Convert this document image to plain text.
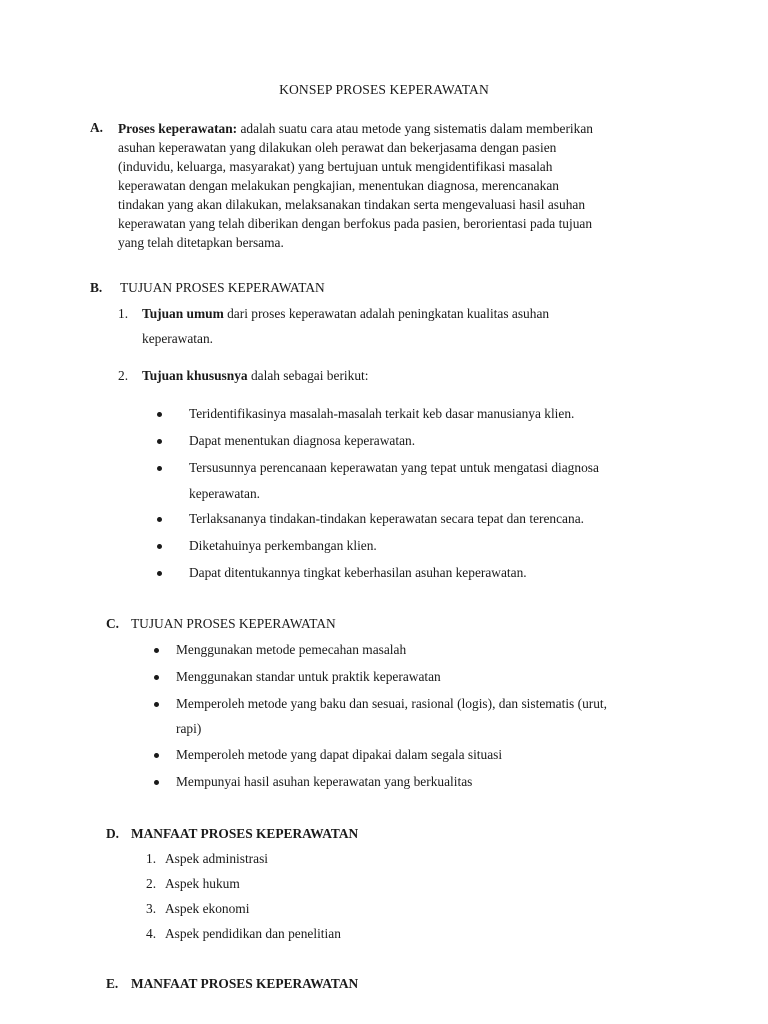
KONSEP PROSES KEPERAWATAN
A. Proses keperawatan: adalah suatu cara atau metode yang sistematis dalam memberikan
asuhan keperawatan yang dilakukan oleh perawat dan bekerjasama dengan pasien
(induvidu, keluarga, masyarakat) yang bertujuan untuk mengidentifikasi masalah
keperawatan dengan melakukan pengkajian, menentukan diagnosa, merencanakan
tindakan yang akan dilakukan, melaksanakan tindakan serta mengevaluasi hasil asuhan
keperawatan yang telah diberikan dengan berfokus pada pasien, berorientasi pada tujuan
yang telah ditetapkan bersama.
B. TUJUAN PROSES KEPERAWATAN
1. Tujuan umum dari proses keperawatan adalah peningkatan kualitas asuhan
keperawatan.
2. Tujuan khususnya dalah sebagai berikut:
Teridentifikasinya masalah-masalah terkait keb dasar manusianya klien.
Dapat menentukan diagnosa keperawatan.
Tersusunnya perencanaan keperawatan yang tepat untuk mengatasi diagnosa
keperawatan.
Terlaksananya tindakan-tindakan keperawatan secara tepat dan terencana.
Diketahuinya perkembangan klien.
Dapat ditentukannya tingkat keberhasilan asuhan keperawatan.
C. TUJUAN PROSES KEPERAWATAN
Menggunakan metode pemecahan masalah
Menggunakan standar untuk praktik keperawatan
Memperoleh metode yang baku dan sesuai, rasional (logis), dan sistematis (urut,
rapi)
Memperoleh metode yang dapat dipakai dalam segala situasi
Mempunyai hasil asuhan keperawatan yang berkualitas
D. MANFAAT PROSES KEPERAWATAN
1. Aspek administrasi
2. Aspek hukum
3. Aspek ekonomi
4. Aspek pendidikan dan penelitian
E. MANFAAT PROSES KEPERAWATAN
